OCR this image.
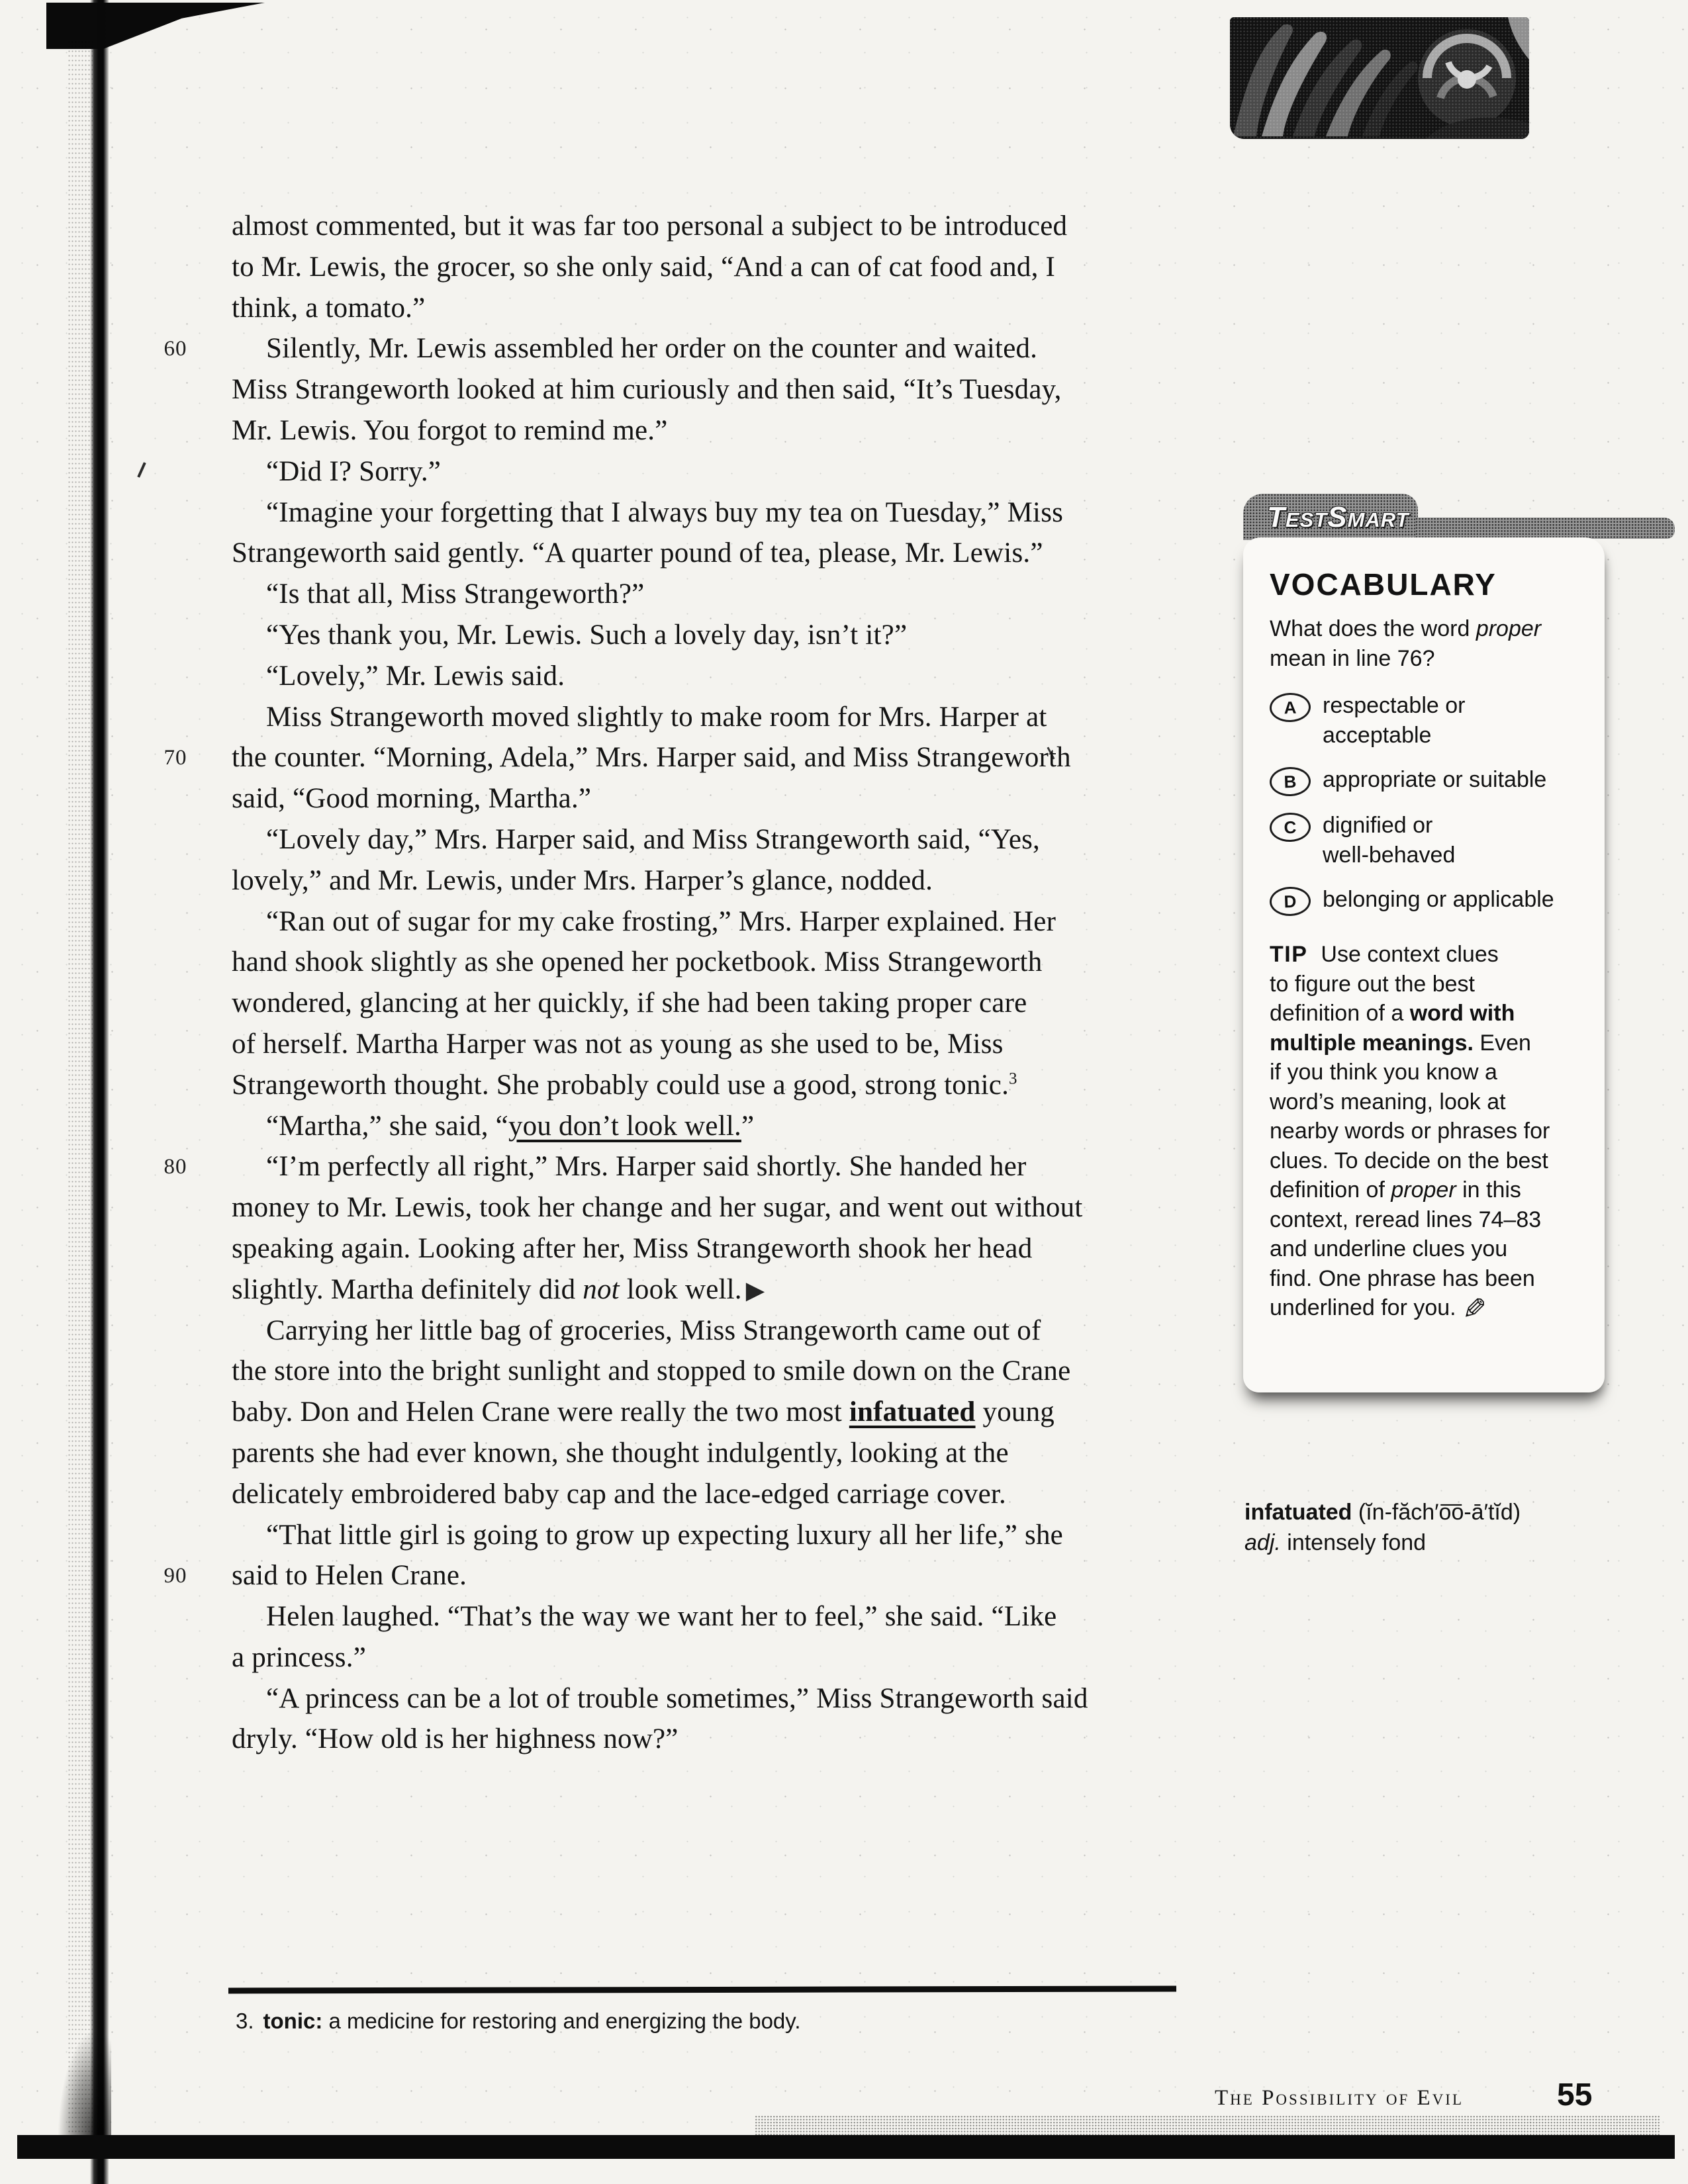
almost commented, but it was far too personal a subject to be introduced
to Mr. Lewis, the grocer, so she only said, “And a can of cat food and, I
think, a tomato.”
60	Silently, Mr. Lewis assembled her order on the counter and waited.
Miss Strangeworth looked at him curiously and then said, “It’s Tuesday,
Mr. Lewis. You forgot to remind me.”
“Did I? Sorry.”
“Imagine your forgetting that I always buy my tea on Tuesday,” Miss
Strangeworth said gently. “A quarter pound of tea, please, Mr. Lewis.”
“Is that all, Miss Strangeworth?”
“Yes thank you, Mr. Lewis. Such a lovely day, isn’t it?”
“Lovely,” Mr. Lewis said.
Miss Strangeworth moved slightly to make room for Mrs. Harper at
70 the counter. “Morning, Adela,” Mrs. Harper said, and Miss Strangeworth
said, “Good morning, Martha.”
“Lovely day,” Mrs. Harper said, and Miss Strangeworth said, “Yes,
lovely,” and Mr. Lewis, under Mrs. Harper’s glance, nodded.
“Ran out of sugar for my cake frosting,” Mrs. Harper explained. Her
hand shook slightly as she opened her pocketbook. Miss Strangeworth
wondered, glancing at her quickly, if she had been taking proper care
of herself. Martha Harper was not as young as she used to be, Miss
Strangeworth thought. She probably could use a good, strong tonic.$^3$
“Martha,” she said, “you don’t look well.”
80	“I’m perfectly all right,” Mrs. Harper said shortly. She handed her
money to Mr. Lewis, took her change and her sugar, and went out without
speaking again. Looking after her, Miss Strangeworth shook her head
slightly. Martha definitely did not look well. ▶
Carrying her little bag of groceries, Miss Strangeworth came out of
the store into the bright sunlight and stopped to smile down on the Crane
baby. Don and Helen Crane were really the two most infatuated young
parents she had ever known, she thought indulgently, looking at the
delicately embroidered baby cap and the lace-edged carriage cover.
“That little girl is going to grow up expecting luxury all her life,” she
90 said to Helen Crane.
Helen laughed. “That’s the way we want her to feel,” she said. “Like
a princess.”
“A princess can be a lot of trouble sometimes,” Miss Strangeworth said
dryly. “How old is her highness now?”
TestSmart
VOCABULARY
What does the word proper
mean in line 76?
A	respectable or
acceptable
B	appropriate or suitable
C	dignified or
well-behaved
D	belonging or applicable
TIP Use context clues
to figure out the best
definition of a word with
multiple meanings. Even
if you think you know a
word’s meaning, look at
nearby words or phrases for
clues. To decide on the best
definition of proper in this
context, reread lines 74–83
and underline clues you
find. One phrase has been
underlined for you. ✎
infatuated (ĭn-făch′o͞o-ā′tĭd)
adj. intensely fond
3. tonic: a medicine for restoring and energizing the body.
The Possibility of Evil	55
